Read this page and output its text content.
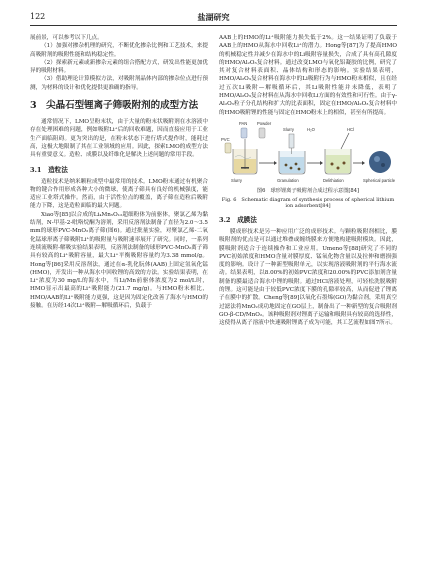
122	盐湖研究

展前景，可以参考以下几点。

（1）加强对掺杂机理的研究，不断优化掺杂比例和工艺技术，来提高吸附剂的吸附性能和结构稳定性。

（2）探索新元素或新掺杂元素的组合搭配方式，研发出性能更加优异的吸附材料。

（3）借助理论计算模拟方法，对吸附剂晶体内部的掺杂位点进行预测，为材料的设计和优化提供更准确的指导。

3　尖晶石型锂离子筛吸附剂的成型方法

通常情况下，LMO呈粉末状，由于大量的粉末状吸附剂在水溶液中存在处理困难的问题，例如吸附Li⁺后的回收难题，因而直接应用于工业生产面临阻碍。更为突出的是，在粉末状态下进行塔式提作时，能耗过高，这极大地限制了其在工业领域的应用。因此，探索LMO的成型方法具有重要意义。造粒、成膜以及纤维化是解决上述问题的常用手段。

3.1　造粒法

造粒技术是纳米颗粒成型中最常用的技术。LMO粉末通过有机聚合物的键合作用形成各种大小的微球，使离子筛具有良好的机械强度，能适应工业塔式操作。然而，由于活性位点的覆盖，离子筛在造粒后吸附能力下降，这是造粒面临的最大问题。

Xiao等[85]以合成的Li₄Mn₅O₁₂超细粉体为前驱体，聚氯乙烯为黏结剂，N-甲基-2-吡咯烷酮为溶剂，采用反溶剂法制备了直径为2.0～3.5 mm的球形PVC-MnO₂离子筛(图6)。通过批量实验，对聚氯乙烯-二氧化锰球形离子筛吸附Li⁺的吸附量与吸附速率展开了研究。同时，一系列连续流吸附-解吸实验结果表明，反溶剂法制备的球形PVC-MnO₂离子筛具有较高的Li⁺吸附容量，最大Li⁺平衡吸附容量约为3.38 mmol/g。Hong等[86]采用反溶剂法，通过在α-乳化朊体(AAB)上固定氢氧化锰(HMO)，开发出一种从海水中回收锂的高效的方法。实验结果表明，在Li⁺浓度为30 mg/L的海水中，当Li/Mn前驱体浓度为2 mol/L时，HMO显示出最高的Li⁺吸附能力(21.7 mg/g)。与HMO粉末相比，HMO/AAB的Li⁺吸附能力更强，这是因为固定化改善了海水与HMO的接触。在历经14次Li⁺吸附—解吸循环后，负载于

AAB上的HMO的Li⁺吸附能力损失低于2%。这一结果证明了负载于AAB上的HMO从海水中回收Li⁺的潜力。Hong等[87]为了提高HMO的机械稳定性并减少在海水中的Li吸附容量损失，合成了具有高孔隙度的HMO/Al₂O₃复合材料。通过改变LMO与氧化铝凝胶的比例，研究了其对复合材料表面积、晶体结构和形态的影响。实验结果表明，HMO/Al₂O₃复合材料在海水中的Li吸附行为与HMO粉末相似，且在经过五次Li吸附—解吸循环后，其Li吸附性能并未降低，表明了HMO/Al₂O₃复合材料在从海水中回收Li方面的有效性和可行性。由于γ-Al₂O₃粒子分孔结构和扩大的比表面积，固定在HMO/Al₂O₃复合材料中的HMO吸附锂的性能与固定在HMO粉末上的相似，甚至有所提高。

PAN Powder
PVC
Slurry	H₂O	HCl
Slurry	Granulation	Delithiation	Spherical particle
图6　球形锂离子吸附剂合成过程示意图[84]
Fig. 6　Schematic diagram of synthesis process of spherical lithium ion adsorbent[84]
3.2　成膜法

膜成形技术是另一种应用广泛的成形技术。与颗粒吸附剂相比，膜吸附剂的优点是可以通过堆叠或缠绕膜来方便地构建吸附模块。因此，膜吸附剂适合于连续操作和工业应用。Umeno等[88]研究了不同的PVC初始浓度和HMO含量对膜厚度、锰氧化物含量以及拉伸和磨损强度的影响。设计了一种新型吸附单元，以实现溶液吸附剂的平行海水流动。结果表明，以8.00%的初始PVC浓度和20.00%的PVC添加剂含量制备的膜最适合海水中锂的吸附。通过HCl溶液处理，可轻松洗脱吸附的锂。这可能是由于较低PVC浓度下膜的孔隙率较高，从而促进了锂离子在膜中的扩散。Cheng等[89]以氧化石墨烯(GO)为黏合剂，采用真空过滤法将MnO₂成功地固定在GO层上，制备出了一种新型的复合吸附剂GO-β-CD/MnO₂。该种吸附剂对锂离子运输和吸附具有较高的选择性，这使得从离子溶液中快速吸附锂离子成为可能，其工艺流程如图7所示。
